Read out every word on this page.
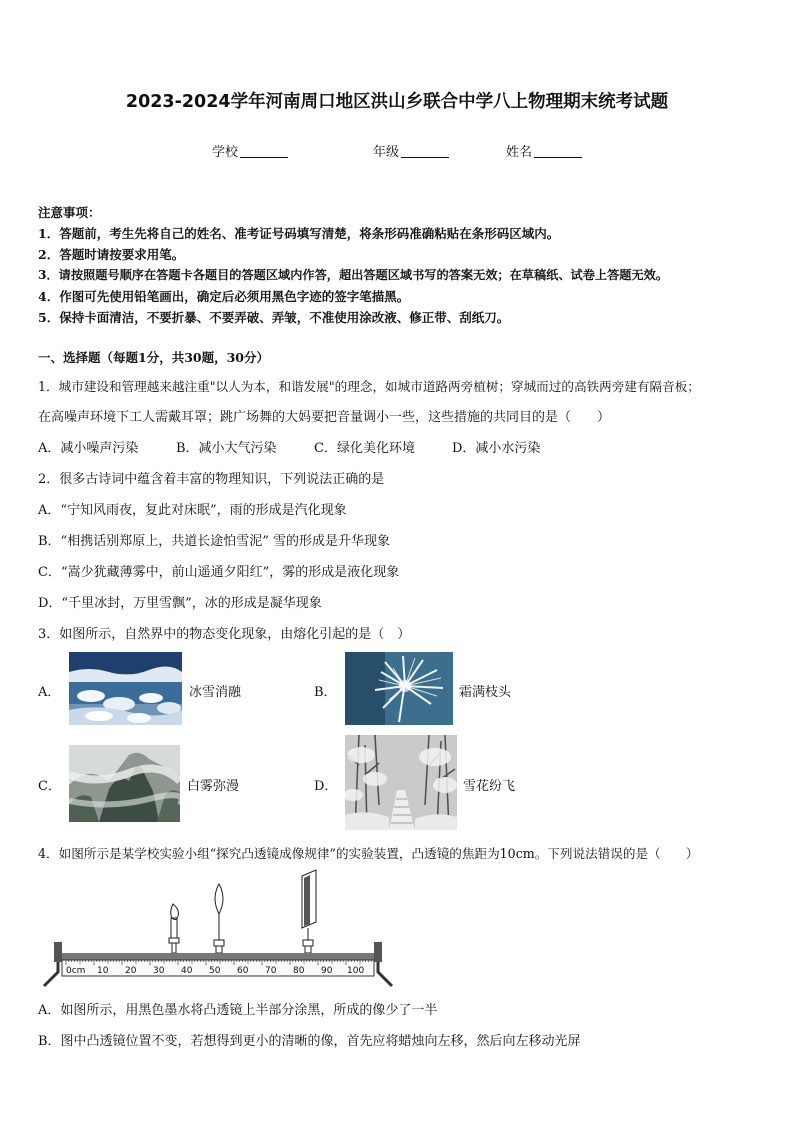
2023-2024学年河南周口地区洪山乡联合中学八上物理期末统考试题
学校	年级	姓名
注意事项：
1．答题前，考生先将自己的姓名、准考证号码填写清楚，将条形码准确粘贴在条形码区域内。
2．答题时请按要求用笔。
3．请按照题号顺序在答题卡各题目的答题区域内作答，超出答题区域书写的答案无效；在草稿纸、试卷上答题无效。
4．作图可先使用铅笔画出，确定后必须用黑色字迹的签字笔描黑。
5．保持卡面清洁，不要折暴、不要弄破、弄皱，不准使用涂改液、修正带、刮纸刀。
一、选择题（每题1分，共30题，30分）
1．城市建设和管理越来越注重"以人为本，和谐发展"的理念，如城市道路两旁植树；穿城而过的高铁两旁建有隔音板；
在高噪声环境下工人需戴耳罩；跳广场舞的大妈要把音量调小一些，这些措施的共同目的是（　　）
A．减小噪声污染	B．减小大气污染	C．绿化美化环境	D．减小水污染
2．很多古诗词中蕴含着丰富的物理知识，下列说法正确的是
A．“宁知风雨夜，复此对床眠”，雨的形成是汽化现象
B．“相携话别郑原上，共道长途怕雪泥” 雪的形成是升华现象
C．“嵩少犹藏薄雾中，前山遥通夕阳红”，雾的形成是液化现象
D．“千里冰封，万里雪飘”，冰的形成是凝华现象
3．如图所示，自然界中的物态变化现象，由熔化引起的是（　）
A．	冰雪消融	B．	霜满枝头
C．	白雾弥漫	D．	雪花纷飞
4．如图所示是某学校实验小组“探究凸透镜成像规律”的实验装置，凸透镜的焦距为10cm。下列说法错误的是（　　）
0cm 10 20 30 40 50 60 70 80 90 100
A．如图所示，用黑色墨水将凸透镜上半部分涂黑，所成的像少了一半
B．图中凸透镜位置不变，若想得到更小的清晰的像，首先应将蜡烛向左移，然后向左移动光屏
